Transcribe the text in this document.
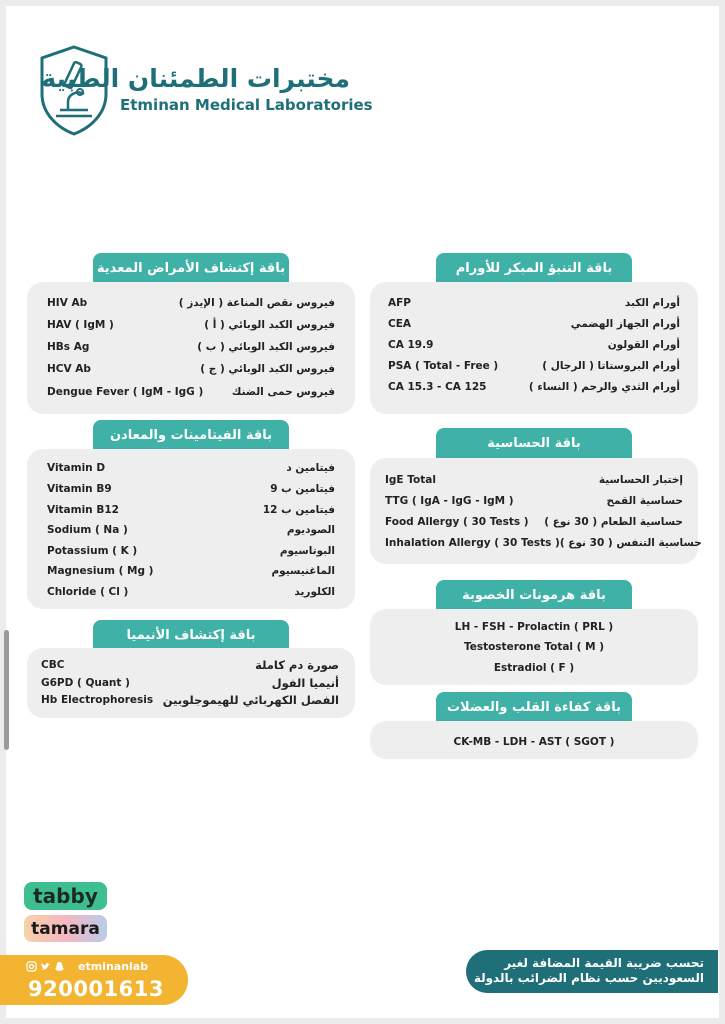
مختبرات الطمئنان الطبية
Etminan Medical Laboratories
باقة التنبؤ المبكر للأورام
AFP	أورام الكبد
CEA	أورام الجهاز الهضمي
CA 19.9	أورام القولون
PSA ( Total - Free )	أورام البروستاتا ( الرجال )
CA 15.3 - CA 125	أورام الثدي والرحم ( النساء )
باقة إكتشاف الأمراض المعدية
HIV Ab	فيروس نقص المناعة ( الإيدز )
HAV ( IgM )	فيروس الكبد الوبائي ( أ )
HBs Ag	فيروس الكبد الوبائي ( ب )
HCV Ab	فيروس الكبد الوبائي ( ج )
Dengue Fever ( IgM - IgG )	فيروس حمى الضنك
باقة الحساسية
IgE Total	إختبار الحساسية
TTG ( IgA - IgG - IgM )	حساسية القمح
Food Allergy ( 30 Tests ) حساسية الطعام ( 30 نوع )
Inhalation Allergy ( 30 Tests ) حساسية التنفس ( 30 نوع )
باقة الفيتامينات والمعادن
Vitamin D	فيتامين د
Vitamin B9	فيتامين ب 9
Vitamin B12	فيتامين ب 12
Sodium ( Na )	الصوديوم
Potassium ( K )	البوتاسيوم
Magnesium ( Mg )	الماغنيسيوم
Chloride ( Cl )	الكلوريد	باقة هرمونات الخصوبة
LH - FSH - Prolactin ( PRL )
Testosterone Total ( M )
Estradiol ( F )
باقة إكتشاف الأنيميا
CBC	صورة دم كاملة
G6PD ( Quant )	أنيميا الفول
Hb Electrophoresis الفصل الكهربائي للهيموجلوبين	باقة كفاءة القلب والعضلات
CK-MB - LDH - AST ( SGOT )
tabby
tamara
etminanlab
920001613
تحسب ضريبة القيمة المضافة لغير
السعوديين حسب نظام الضرائب بالدولة
